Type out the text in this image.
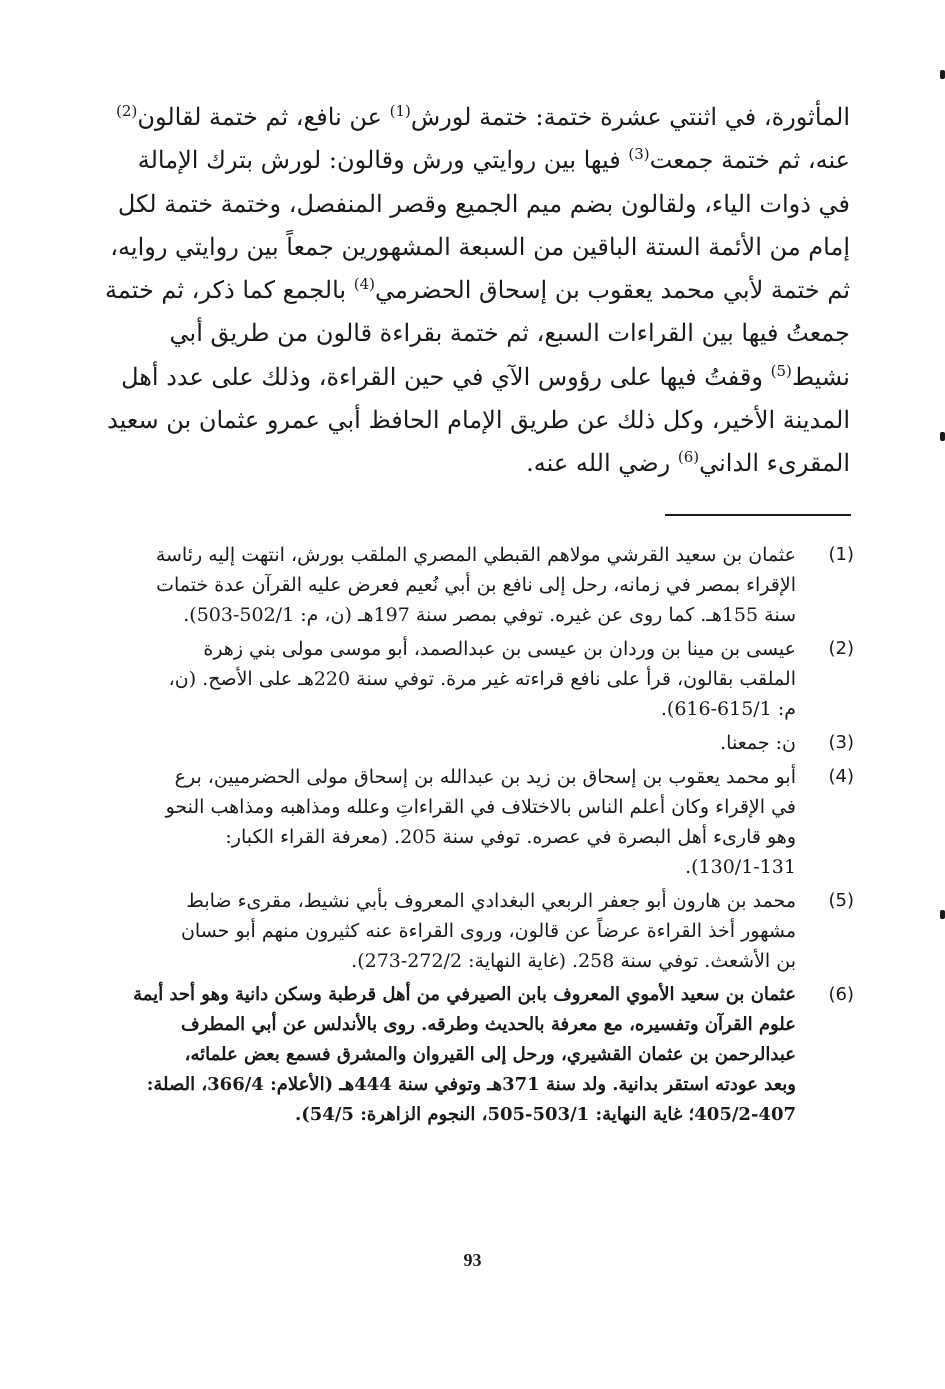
المأثورة، في اثنتي عشرة ختمة: ختمة لورش$^{(1)}$ عن نافع، ثم ختمة لقالون$^{(2)}$
عنه، ثم ختمة جمعت$^{(3)}$ فيها بين روايتي ورش وقالون: لورش بترك الإمالة
في ذوات الياء، ولقالون بضم ميم الجميع وقصر المنفصل، وختمة ختمة لكل
إمام من الأئمة الستة الباقين من السبعة المشهورين جمعاً بين روايتي روايه،
ثم ختمة لأبي محمد يعقوب بن إسحاق الحضرمي$^{(4)}$ بالجمع كما ذكر، ثم ختمة
جمعتُ فيها بين القراءات السبع، ثم ختمة بقراءة قالون من طريق أبي
نشيط$^{(5)}$ وقفتُ فيها على رؤوس الآي في حين القراءة، وذلك على عدد أهل
المدينة الأخير، وكل ذلك عن طريق الإمام الحافظ أبي عمرو عثمان بن سعيد
المقرىء الداني$^{(6)}$ رضي الله عنه.
(1)
عثمان بن سعيد القرشي مولاهم القبطي المصري الملقب بورش، انتهت إليه رئاسة
الإقراء بمصر في زمانه، رحل إلى نافع بن أبي نُعيم فعرض عليه القرآن عدة ختمات
سنة 155هـ. كما روى عن غيره. توفي بمصر سنة 197هـ (ن، م: 502/1-503).
(2)
عيسى بن مينا بن وردان بن عيسى بن عبدالصمد، أبو موسى مولى بني زهرة
الملقب بقالون، قرأ على نافع قراءته غير مرة. توفي سنة 220هـ على الأصح. (ن،
م: 615/1-616).
(3)
ن: جمعنا.
(4)
أبو محمد يعقوب بن إسحاق بن زيد بن عبدالله بن إسحاق مولى الحضرميين، برع
في الإقراء وكان أعلم الناس بالاختلاف في القراءاتِ وعلله ومذاهبه ومذاهب النحو
وهو قارىء أهل البصرة في عصره. توفي سنة 205. (معرفة القراء الكبار:
130/1-131).
(5)
محمد بن هارون أبو جعفر الربعي البغدادي المعروف بأبي نشيط، مقرىء ضابط
مشهور أخذ القراءة عرضاً عن قالون، وروى القراءة عنه كثيرون منهم أبو حسان
بن الأشعث. توفي سنة 258. (غاية النهاية: 272/2-273).
(6)
عثمان بن سعيد الأموي المعروف بابن الصيرفي من أهل قرطبة وسكن دانية وهو أحد أيمة
علوم القرآن وتفسيره، مع معرفة بالحديث وطرقه. روى بالأندلس عن أبي المطرف
عبدالرحمن بن عثمان القشيري، ورحل إلى القيروان والمشرق فسمع بعض علمائه،
وبعد عودته استقر بدانية. ولد سنة 371هـ وتوفي سنة 444هـ (الأعلام: 366/4، الصلة:
405/2-407؛ غاية النهاية: 503/1-505، النجوم الزاهرة: 54/5).
93
